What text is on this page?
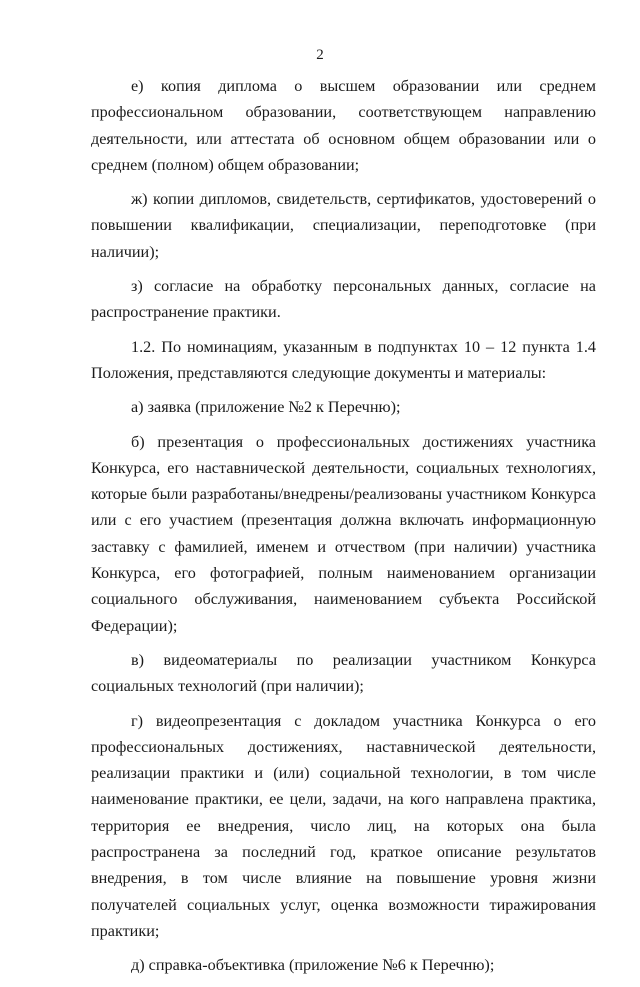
2

е) копия диплома о высшем образовании или среднем профессиональном образовании, соответствующем направлению деятельности, или аттестата об основном общем образовании или о среднем (полном) общем образовании;

ж) копии дипломов, свидетельств, сертификатов, удостоверений о повышении квалификации, специализации, переподготовке (при наличии);

з) согласие на обработку персональных данных, согласие на распространение практики.

1.2. По номинациям, указанным в подпунктах 10 – 12 пункта 1.4 Положения, представляются следующие документы и материалы:

а) заявка (приложение №2 к Перечню);

б) презентация о профессиональных достижениях участника Конкурса, его наставнической деятельности, социальных технологиях, которые были разработаны/внедрены/реализованы участником Конкурса или с его участием (презентация должна включать информационную заставку с фамилией, именем и отчеством (при наличии) участника Конкурса, его фотографией, полным наименованием организации социального обслуживания, наименованием субъекта Российской Федерации);

в) видеоматериалы по реализации участником Конкурса социальных технологий (при наличии);

г) видеопрезентация с докладом участника Конкурса о его профессиональных достижениях, наставнической деятельности, реализации практики и (или) социальной технологии, в том числе наименование практики, ее цели, задачи, на кого направлена практика, территория ее внедрения, число лиц, на которых она была распространена за последний год, краткое описание результатов внедрения, в том числе влияние на повышение уровня жизни получателей социальных услуг, оценка возможности тиражирования практики;

д) справка-объективка (приложение №6 к Перечню);
